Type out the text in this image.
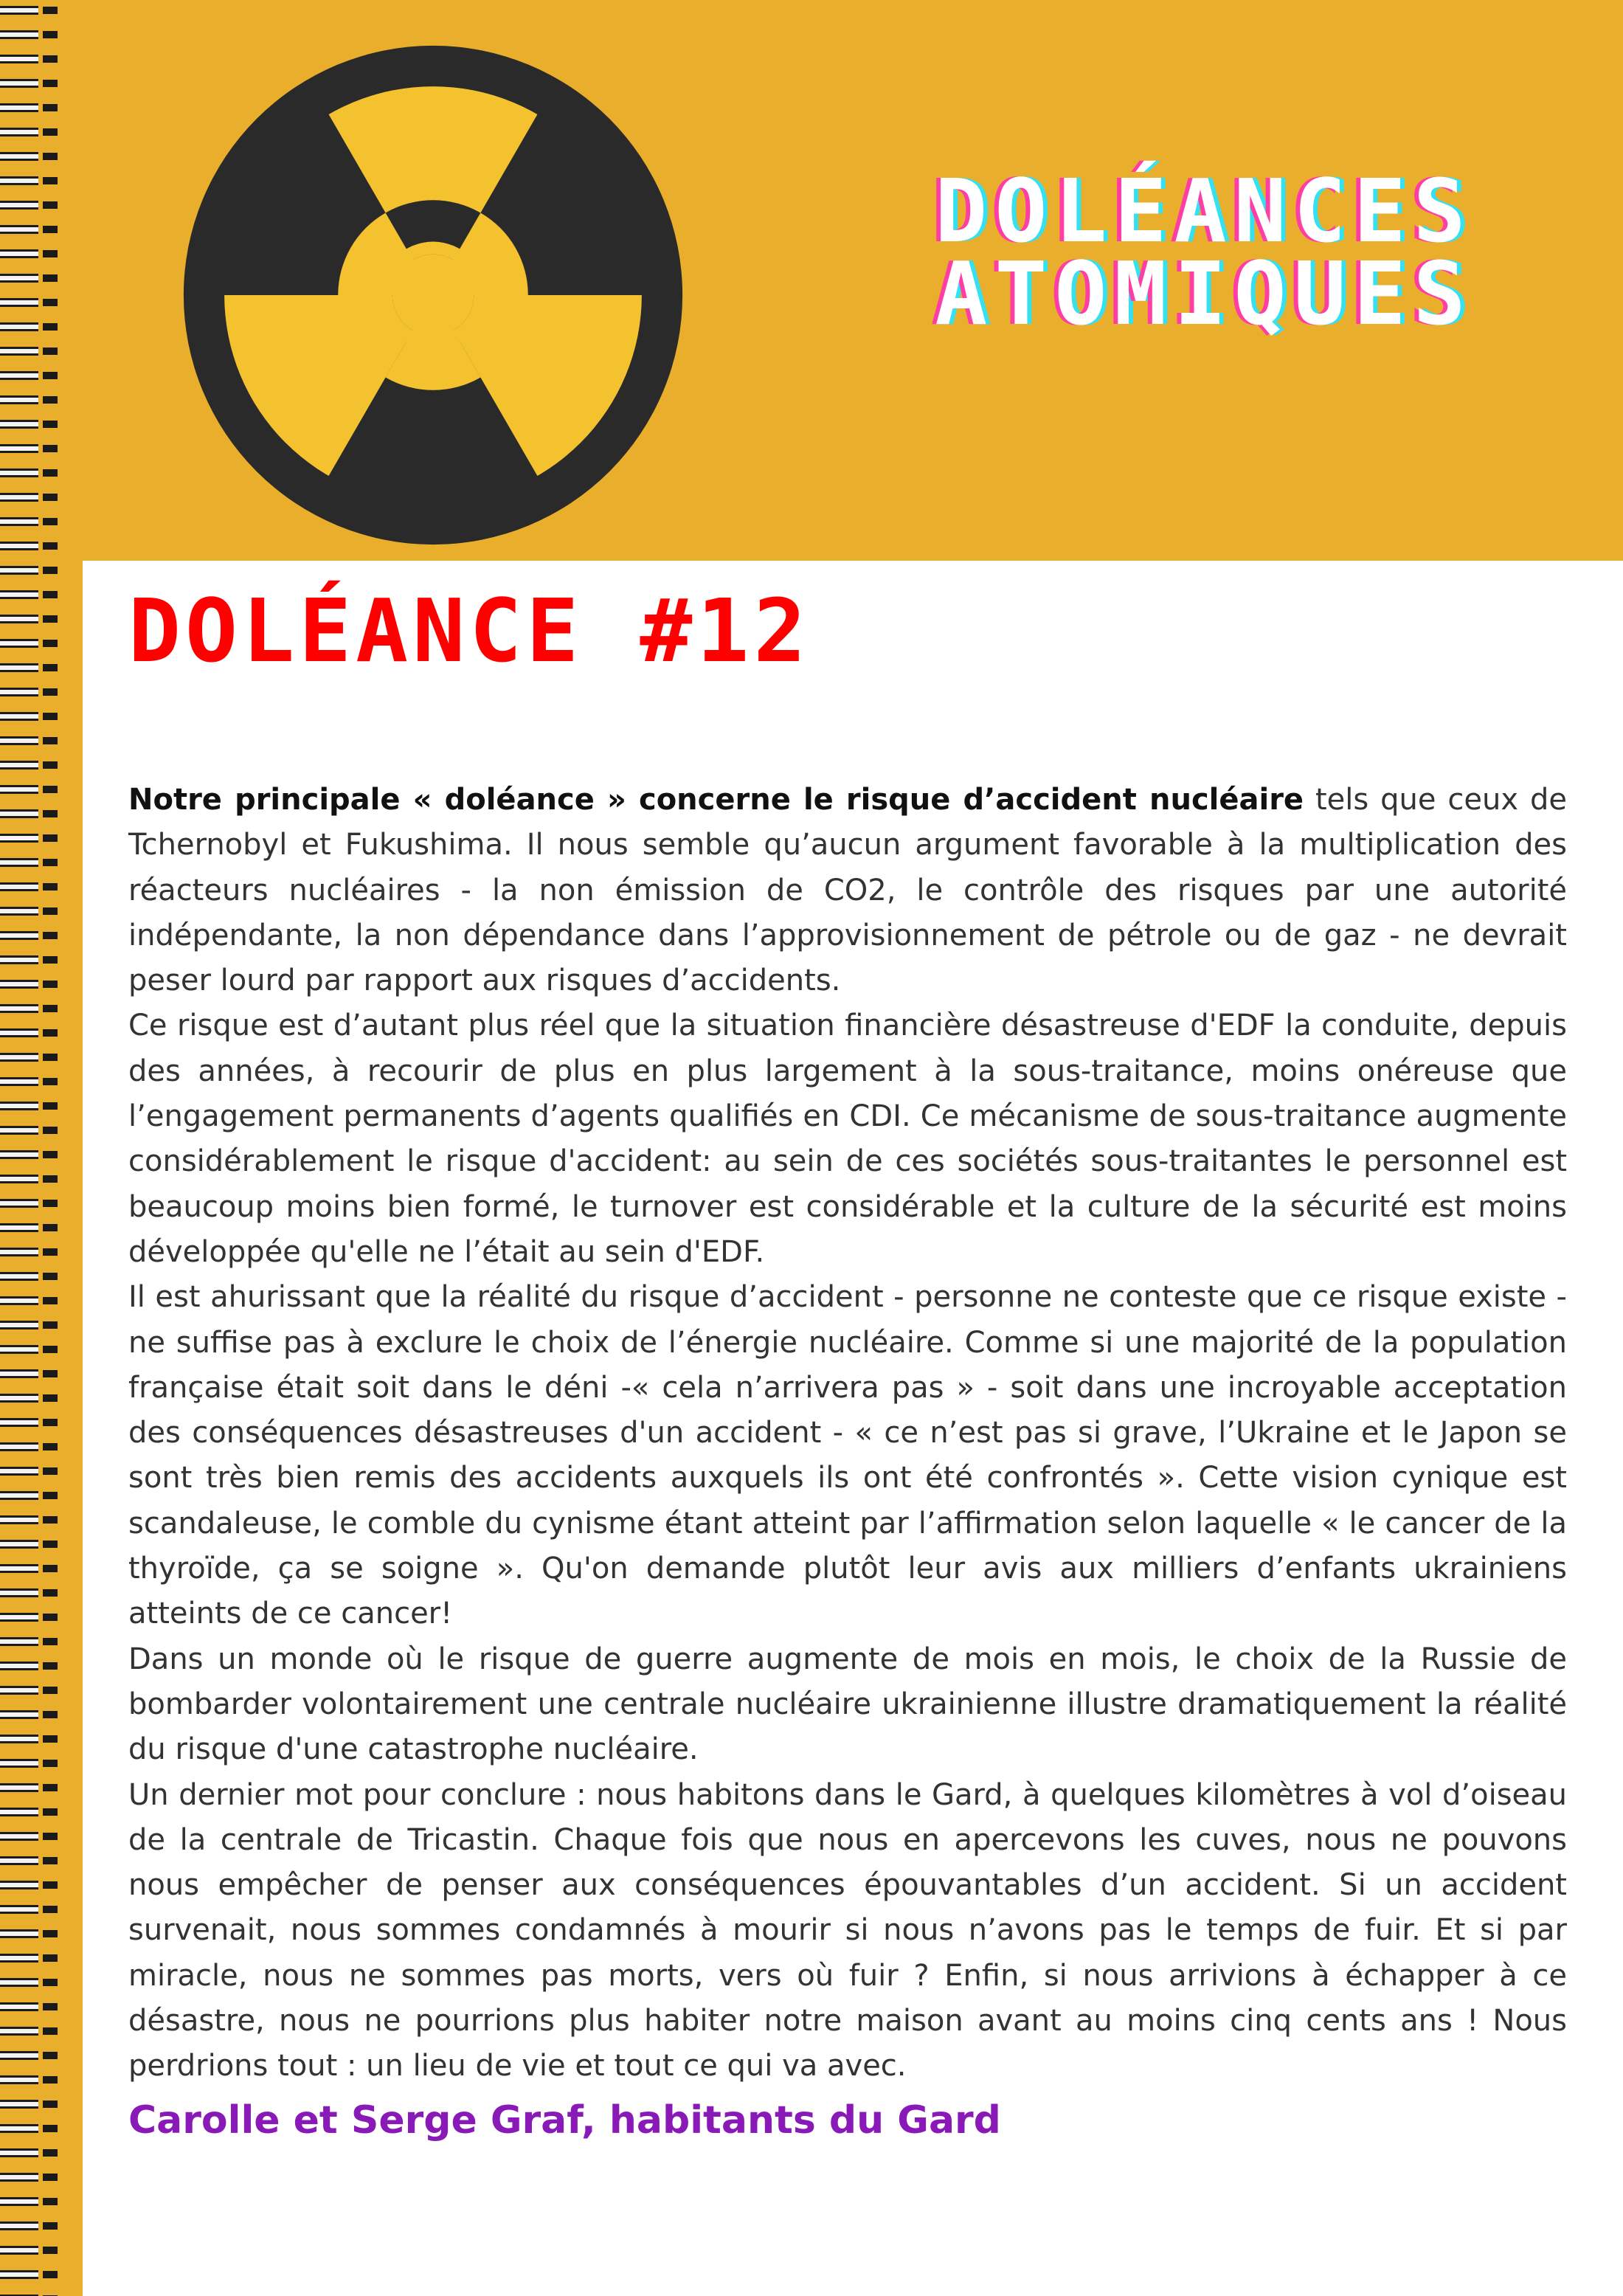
DOLÉANCES
ATOMIQUES
DOLÉANCE #12

Notre principale « doléance » concerne le risque d’accident nucléaire tels que ceux de Tchernobyl et Fukushima. Il nous semble qu’aucun argument favorable à la multiplication des réacteurs nucléaires - la non émission de CO2, le contrôle des risques par une autorité indépendante, la non dépendance dans l’approvisionnement de pétrole ou de gaz - ne devrait peser lourd par rapport aux risques d’accidents.

Ce risque est d’autant plus réel que la situation financière désastreuse d'EDF la conduite, depuis des années, à recourir de plus en plus largement à la sous-traitance, moins onéreuse que l’engagement permanents d’agents qualifiés en CDI. Ce mécanisme de sous-traitance augmente considérablement le risque d'accident: au sein de ces sociétés sous-traitantes le personnel est beaucoup moins bien formé, le turnover est considérable et la culture de la sécurité est moins développée qu'elle ne l’était au sein d'EDF.

Il est ahurissant que la réalité du risque d’accident - personne ne conteste que ce risque existe - ne suffise pas à exclure le choix de l’énergie nucléaire. Comme si une majorité de la population française était soit dans le déni -« cela n’arrivera pas » - soit dans une incroyable acceptation des conséquences désastreuses d'un accident - « ce n’est pas si grave, l’Ukraine et le Japon se sont très bien remis des accidents auxquels ils ont été confrontés ». Cette vision cynique est scandaleuse, le comble du cynisme étant atteint par l’affirmation selon laquelle « le cancer de la thyroïde, ça se soigne ». Qu'on demande plutôt leur avis aux milliers d’enfants ukrainiens atteints de ce cancer!

Dans un monde où le risque de guerre augmente de mois en mois, le choix de la Russie de bombarder volontairement une centrale nucléaire ukrainienne illustre dramatiquement la réalité du risque d'une catastrophe nucléaire.

Un dernier mot pour conclure : nous habitons dans le Gard, à quelques kilomètres à vol d’oiseau de la centrale de Tricastin. Chaque fois que nous en apercevons les cuves, nous ne pouvons nous empêcher de penser aux conséquences épouvantables d’un accident. Si un accident survenait, nous sommes condamnés à mourir si nous n’avons pas le temps de fuir. Et si par miracle, nous ne sommes pas morts, vers où fuir ? Enfin, si nous arrivions à échapper à ce désastre, nous ne pourrions plus habiter notre maison avant au moins cinq cents ans ! Nous perdrions tout : un lieu de vie et tout ce qui va avec.

Carolle et Serge Graf, habitants du Gard
